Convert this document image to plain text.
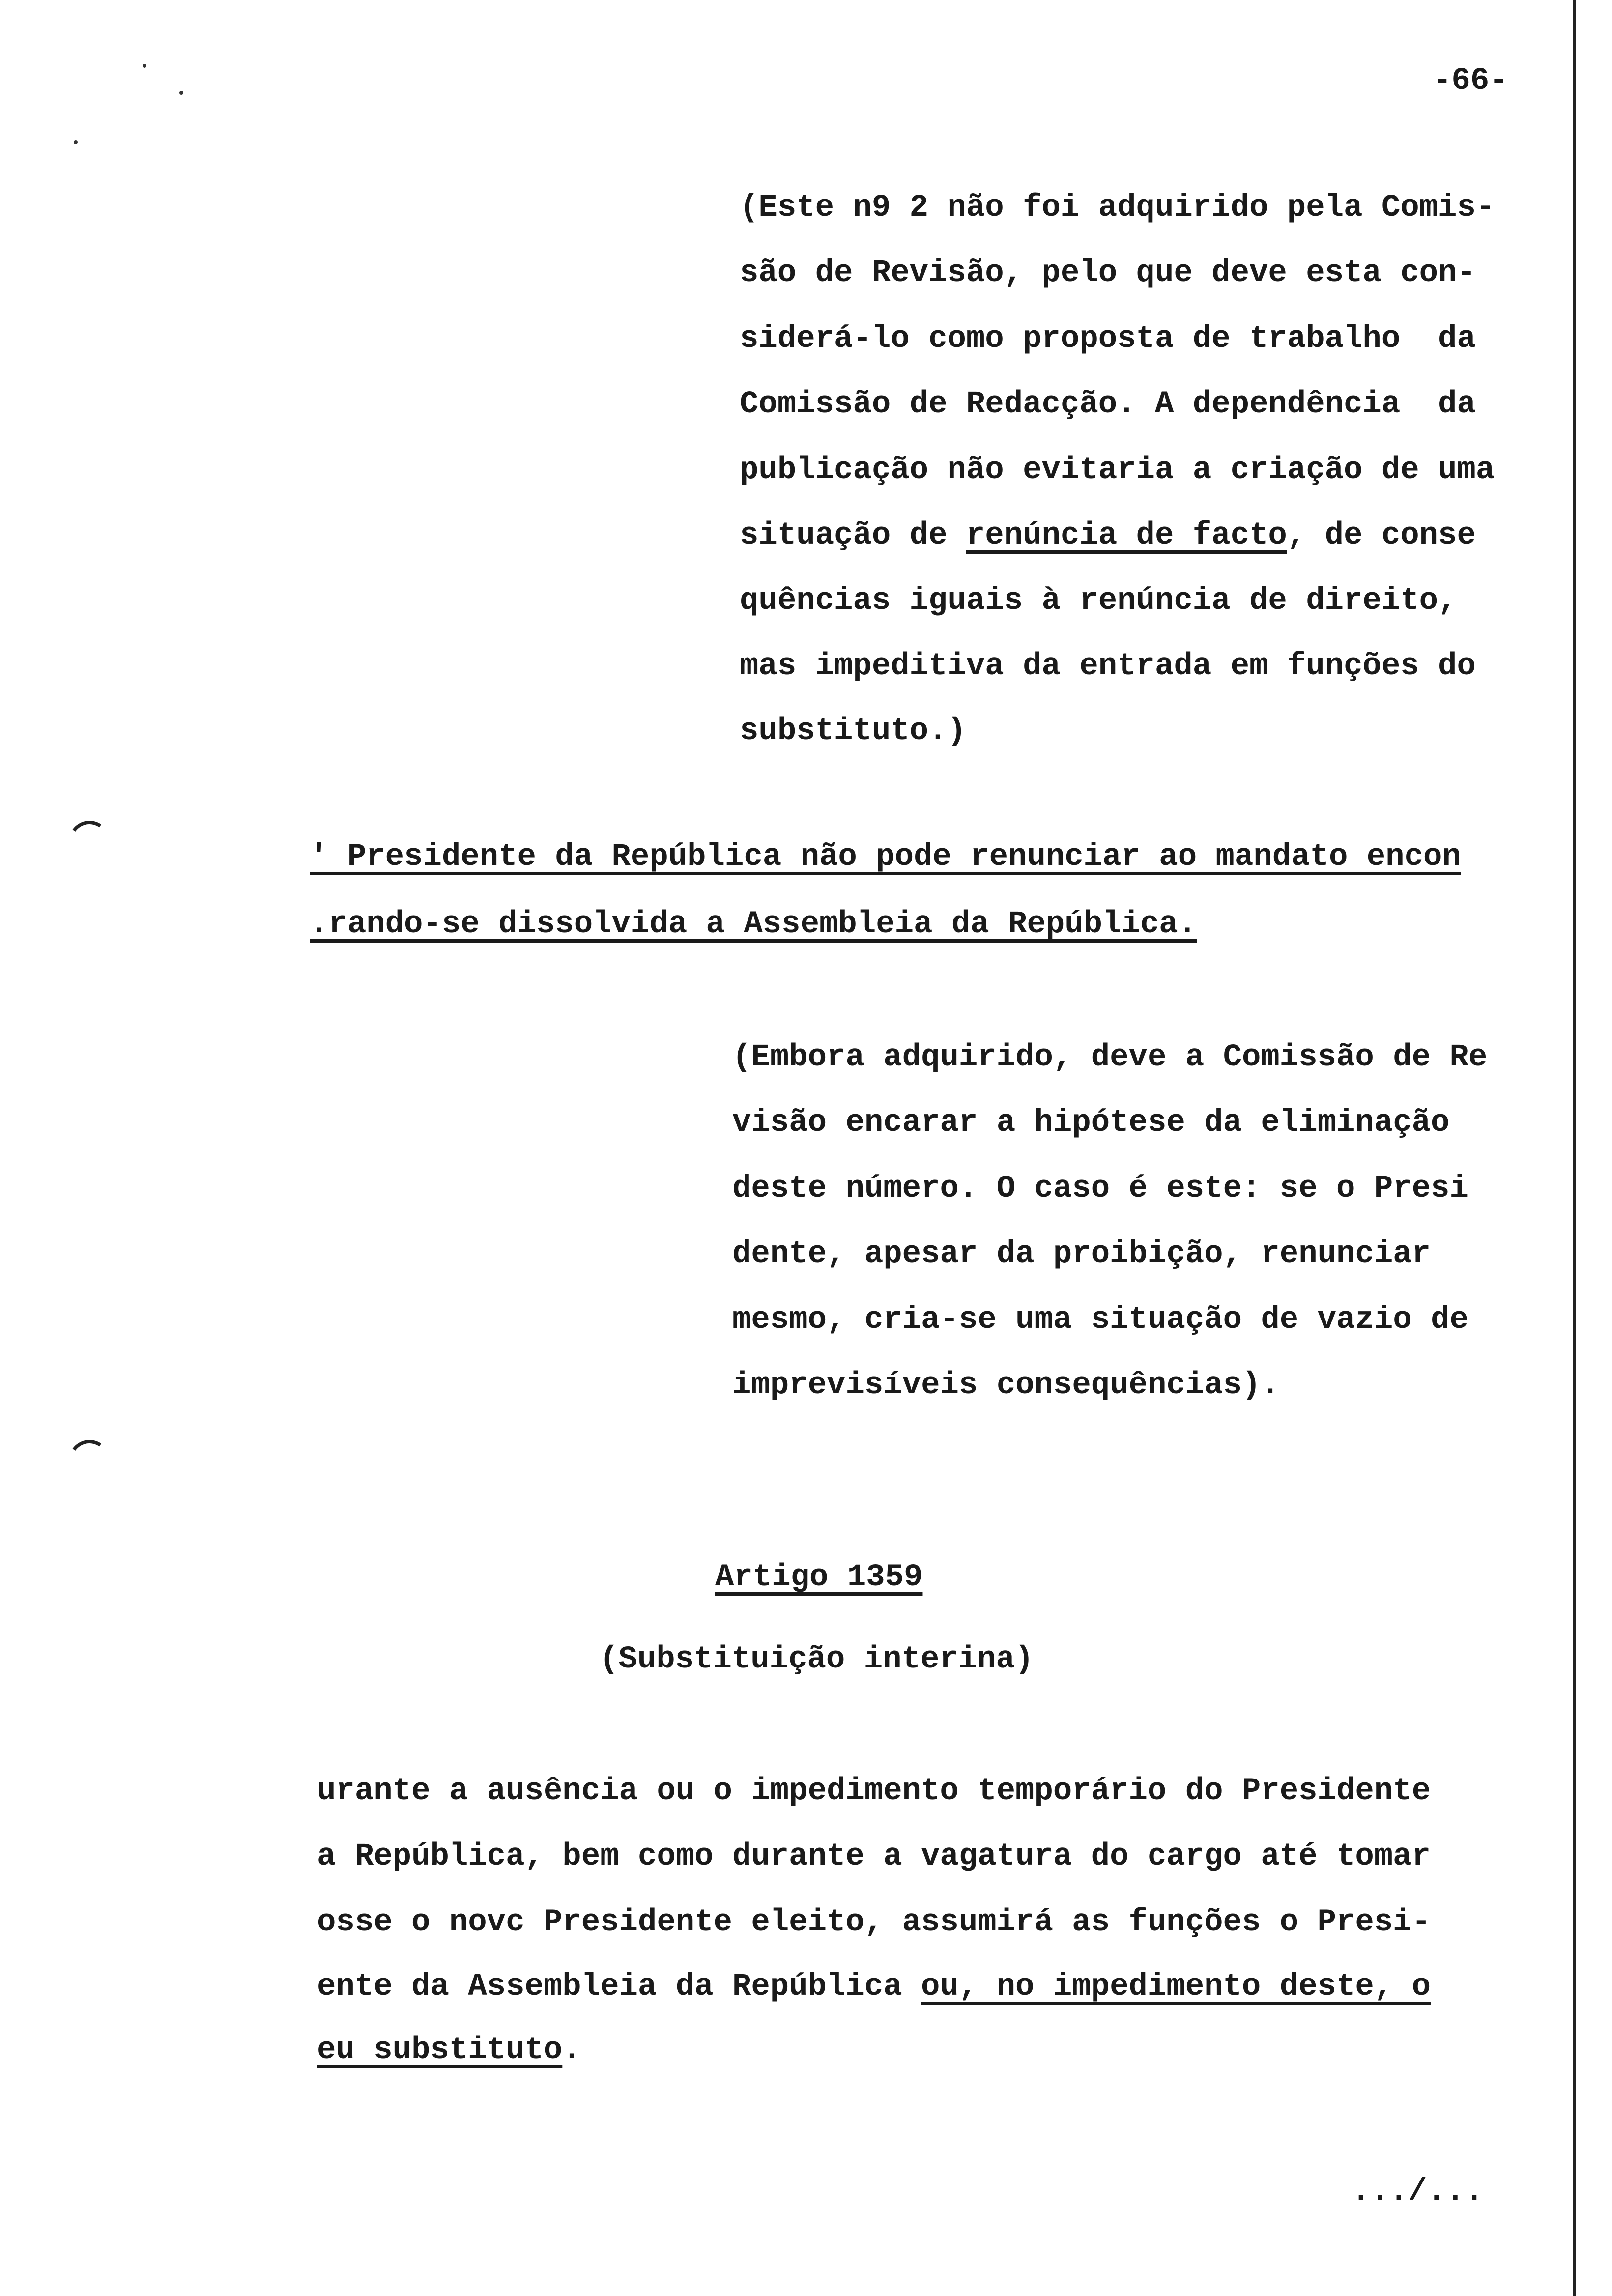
-66-
(Este n9 2 não foi adquirido pela Comis-
são de Revisão, pelo que deve esta con-
siderá-lo como proposta de trabalho  da
Comissão de Redacção. A dependência  da
publicação não evitaria a criação de uma
situação de renúncia de facto, de conse
quências iguais à renúncia de direito,
mas impeditiva da entrada em funções do
substituto.)
' Presidente da República não pode renunciar ao mandato encon
.rando-se dissolvida a Assembleia da República.
(Embora adquirido, deve a Comissão de Re
visão encarar a hipótese da eliminação
deste número. O caso é este: se o Presi
dente, apesar da proibição, renunciar
mesmo, cria-se uma situação de vazio de
imprevisíveis consequências).
Artigo 1359
(Substituição interina)
urante a ausência ou o impedimento temporário do Presidente
a República, bem como durante a vagatura do cargo até tomar
osse o novc Presidente eleito, assumirá as funções o Presi-
ente da Assembleia da República ou, no impedimento deste, o
eu substituto.
.../...
